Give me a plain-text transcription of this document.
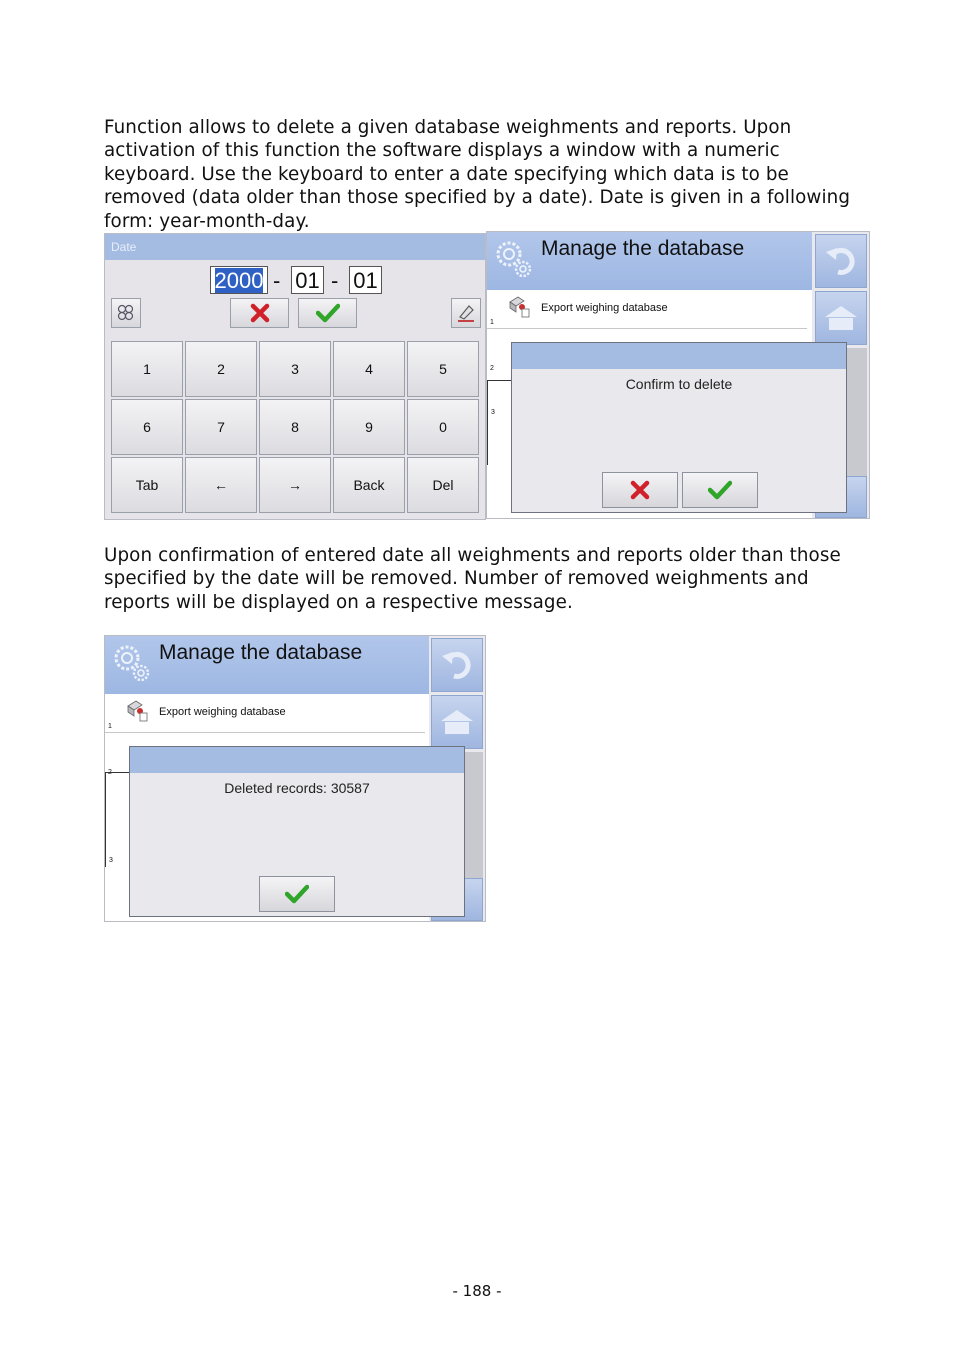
Function allows to delete a given database weighments and reports. Upon activation of this function the software displays a window with a numeric keyboard. Use the keyboard to enter a date specifying which data is to be removed (data older than those specified by a date). Date is given in a following form: year-month-day.

Date
2000 - 01 - 01
1	2	3	4	5
6	7	8	9	0
Tab	←	→	Back	Del
Manage the database
Export weighing database
1
2
3
Confirm to delete

Upon confirmation of entered date all weighments and reports older than those specified by the date will be removed. Number of removed weighments and reports will be displayed on a respective message.

Manage the database
Export weighing database
1
2
3
Deleted records: 30587
- 188 -
